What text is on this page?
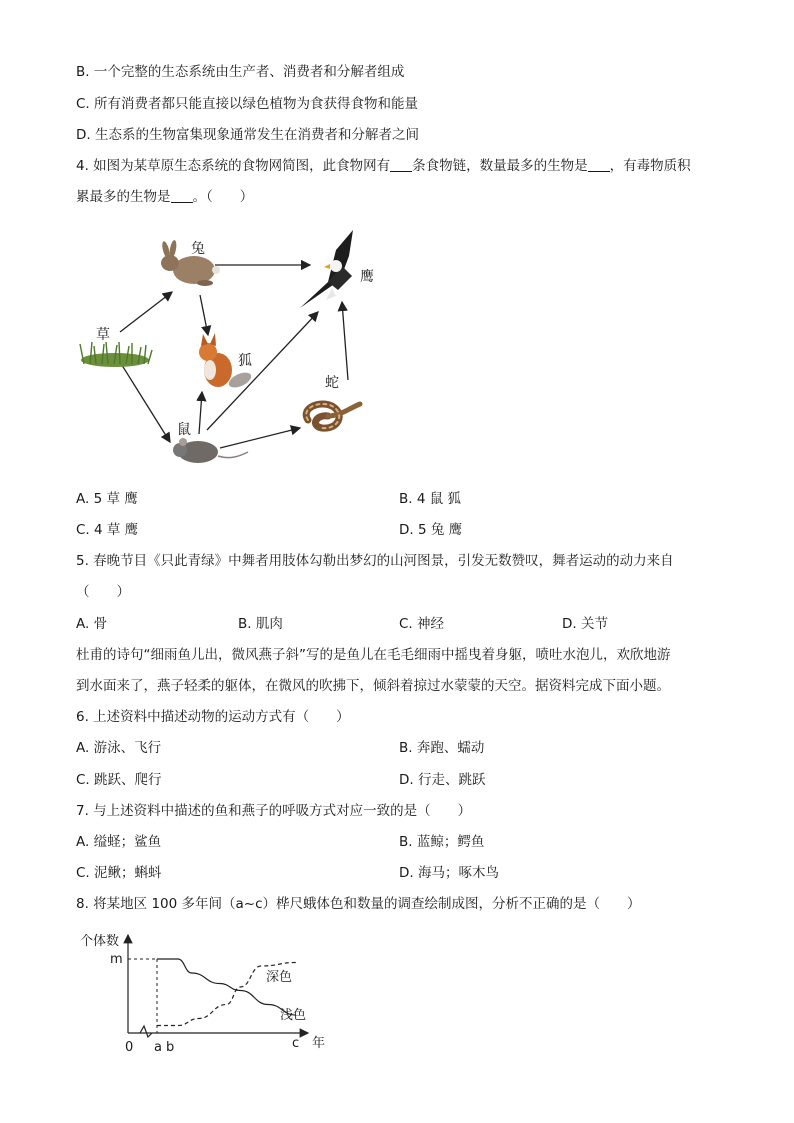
B. 一个完整的生态系统由生产者、消费者和分解者组成
C. 所有消费者都只能直接以绿色植物为食获得食物和能量
D. 生态系的生物富集现象通常发生在消费者和分解者之间
4. 如图为某草原生态系统的食物网简图，此食物网有 条食物链，数量最多的生物是 ，有毒物质积
累最多的生物是 。（　　）
兔
鹰
草
狐
蛇
鼠
A. 5 草 鹰	B. 4 鼠 狐
C. 4 草 鹰	D. 5 兔 鹰
5. 春晚节目《只此青绿》中舞者用肢体勾勒出梦幻的山河图景，引发无数赞叹，舞者运动的动力来自
（　　）
A. 骨	B. 肌肉	C. 神经	D. 关节
杜甫的诗句“细雨鱼儿出，微风燕子斜”写的是鱼儿在毛毛细雨中摇曳着身躯，喷吐水泡儿，欢欣地游
到水面来了，燕子轻柔的躯体，在微风的吹拂下，倾斜着掠过水蒙蒙的天空。据资料完成下面小题。
6. 上述资料中描述动物的运动方式有（　　）
A. 游泳、飞行	B. 奔跑、蠕动
C. 跳跃、爬行	D. 行走、跳跃
7. 与上述资料中描述的鱼和燕子的呼吸方式对应一致的是（　　）
A. 缢蛏；鲨鱼	B. 蓝鲸；鳄鱼
C. 泥鳅；蝌蚪	D. 海马；啄木鸟
8. 将某地区 100 多年间（a~c）桦尺蛾体色和数量的调查绘制成图，分析不正确的是（　　）
个体数
m
0 a b	c 年
深色
浅色
